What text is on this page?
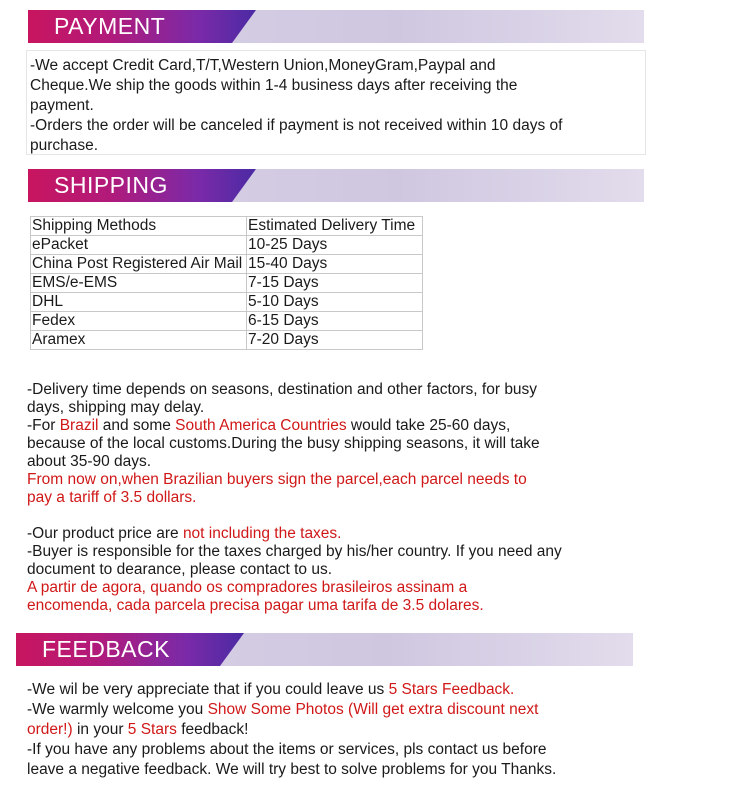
PAYMENT
-We accept Credit Card,T/T,Western Union,MoneyGram,Paypal and
Cheque.We ship the goods within 1-4 business days after receiving the
payment.
-Orders the order will be canceled if payment is not received within 10 days of
purchase.
SHIPPING
Shipping Methods	Estimated Delivery Time
ePacket	10-25 Days
China Post Registered Air Mail	15-40 Days
EMS/e-EMS	7-15 Days
DHL	5-10 Days
Fedex	6-15 Days
Aramex	7-20 Days
-Delivery time depends on seasons, destination and other factors, for busy
days, shipping may delay.
-For Brazil and some South America Countries would take 25-60 days,
because of the local customs.During the busy shipping seasons, it will take
about 35-90 days.
From now on,when Brazilian buyers sign the parcel,each parcel needs to
pay a tariff of 3.5 dollars.
-Our product price are not including the taxes.
-Buyer is responsible for the taxes charged by his/her country. If you need any
document to dearance, please contact to us.
A partir de agora, quando os compradores brasileiros assinam a
encomenda, cada parcela precisa pagar uma tarifa de 3.5 dolares.
FEEDBACK
-We wil be very appreciate that if you could leave us 5 Stars Feedback.
-We warmly welcome you Show Some Photos (Will get extra discount next
order!) in your 5 Stars feedback!
-If you have any problems about the items or services, pls contact us before
leave a negative feedback. We will try best to solve problems for you Thanks.
